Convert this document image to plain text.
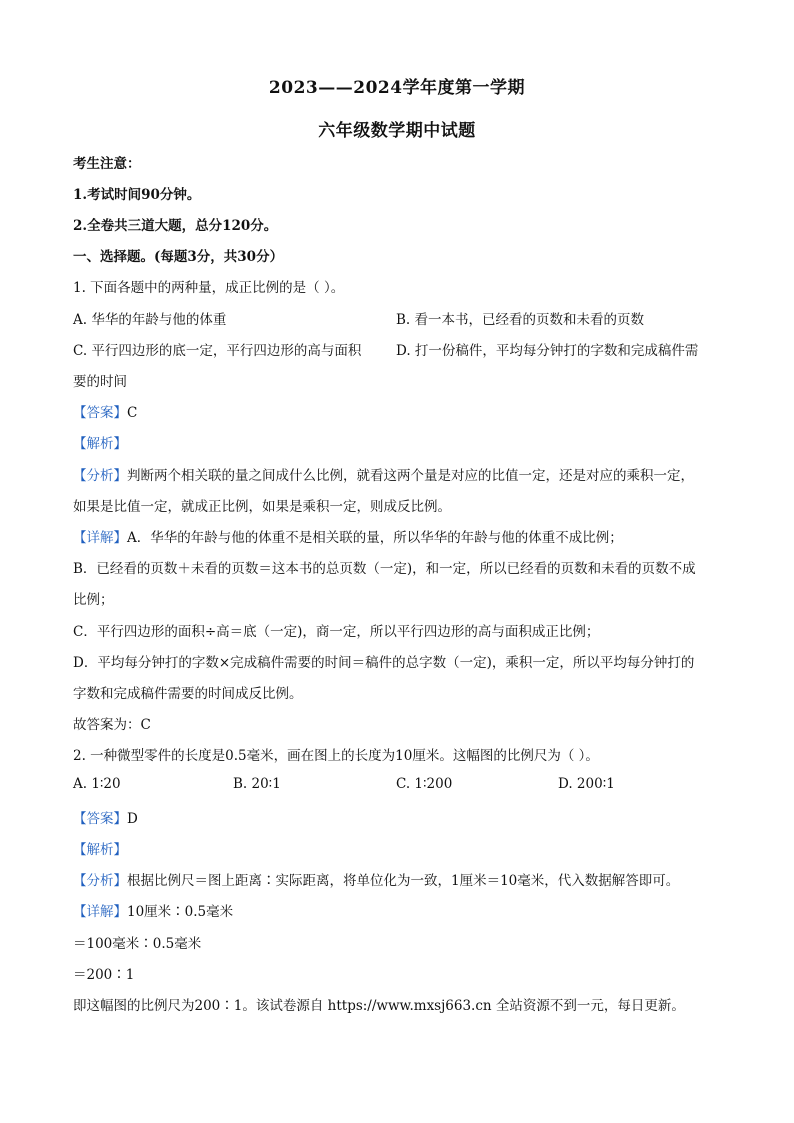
2023——2024学年度第一学期
六年级数学期中试题
考生注意：
1.考试时间90分钟。
2.全卷共三道大题，总分120分。
一、选择题。(每题3分，共30分）
1. 下面各题中的两种量，成正比例的是（ ）。
A. 华华的年龄与他的体重	B. 看一本书，已经看的页数和未看的页数
C. 平行四边形的底一定，平行四边形的高与面积	D. 打一份稿件，平均每分钟打的字数和完成稿件需
要的时间
【答案】C
【解析】
【分析】判断两个相关联的量之间成什么比例，就看这两个量是对应的比值一定，还是对应的乘积一定，
如果是比值一定，就成正比例，如果是乘积一定，则成反比例。
【详解】A．华华的年龄与他的体重不是相关联的量，所以华华的年龄与他的体重不成比例；
B．已经看的页数＋未看的页数＝这本书的总页数（一定)，和一定，所以已经看的页数和未看的页数不成
比例；
C．平行四边形的面积÷高＝底（一定)，商一定，所以平行四边形的高与面积成正比例；
D．平均每分钟打的字数×完成稿件需要的时间＝稿件的总字数（一定)，乘积一定，所以平均每分钟打的
字数和完成稿件需要的时间成反比例。
故答案为：C
2. 一种微型零件的长度是0.5毫米，画在图上的长度为10厘米。这幅图的比例尺为（ ）。
A. 1∶20	B. 20∶1	C. 1∶200	D. 200∶1
【答案】D
【解析】
【分析】根据比例尺＝图上距离∶实际距离，将单位化为一致，1厘米＝10毫米，代入数据解答即可。
【详解】10厘米∶0.5毫米
＝100毫米∶0.5毫米
＝200∶1
即这幅图的比例尺为200∶1。该试卷源自 https://www.mxsj663.cn 全站资源不到一元，每日更新。
